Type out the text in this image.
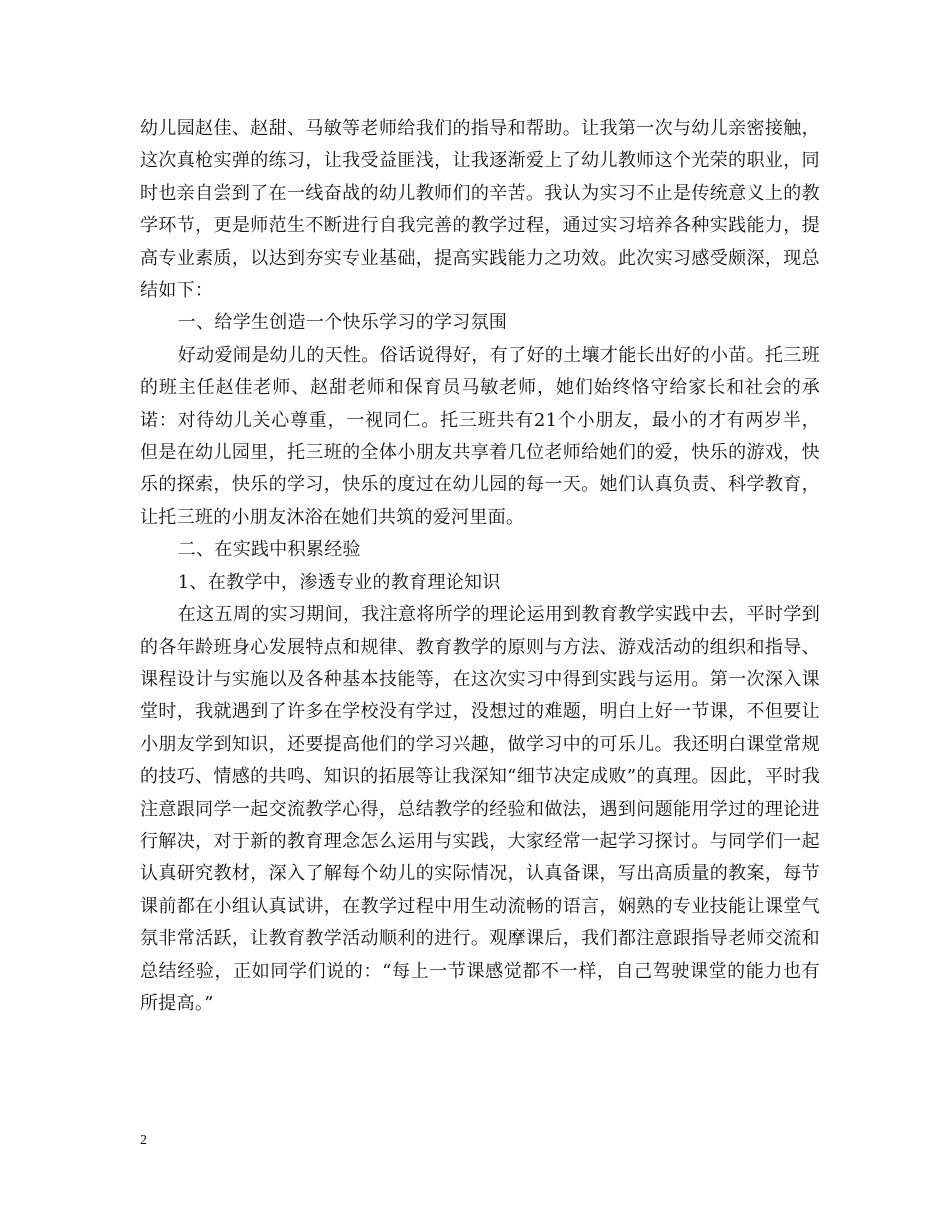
幼儿园赵佳、赵甜、马敏等老师给我们的指导和帮助。让我第一次与幼儿亲密接触，这次真枪实弹的练习，让我受益匪浅，让我逐渐爱上了幼儿教师这个光荣的职业，同时也亲自尝到了在一线奋战的幼儿教师们的辛苦。我认为实习不止是传统意义上的教学环节，更是师范生不断进行自我完善的教学过程，通过实习培养各种实践能力，提高专业素质，以达到夯实专业基础，提高实践能力之功效。此次实习感受颇深，现总结如下：

一、给学生创造一个快乐学习的学习氛围

好动爱闹是幼儿的天性。俗话说得好，有了好的土壤才能长出好的小苗。托三班的班主任赵佳老师、赵甜老师和保育员马敏老师，她们始终恪守给家长和社会的承诺：对待幼儿关心尊重，一视同仁。托三班共有21个小朋友，最小的才有两岁半，但是在幼儿园里，托三班的全体小朋友共享着几位老师给她们的爱，快乐的游戏，快乐的探索，快乐的学习，快乐的度过在幼儿园的每一天。她们认真负责、科学教育，让托三班的小朋友沐浴在她们共筑的爱河里面。

二、在实践中积累经验

1、在教学中，渗透专业的教育理论知识

在这五周的实习期间，我注意将所学的理论运用到教育教学实践中去，平时学到的各年龄班身心发展特点和规律、教育教学的原则与方法、游戏活动的组织和指导、课程设计与实施以及各种基本技能等，在这次实习中得到实践与运用。第一次深入课堂时，我就遇到了许多在学校没有学过，没想过的难题，明白上好一节课，不但要让小朋友学到知识，还要提高他们的学习兴趣，做学习中的可乐儿。我还明白课堂常规的技巧、情感的共鸣、知识的拓展等让我深知“细节决定成败”的真理。因此，平时我注意跟同学一起交流教学心得，总结教学的经验和做法，遇到问题能用学过的理论进行解决，对于新的教育理念怎么运用与实践，大家经常一起学习探讨。与同学们一起认真研究教材，深入了解每个幼儿的实际情况，认真备课，写出高质量的教案，每节课前都在小组认真试讲，在教学过程中用生动流畅的语言，娴熟的专业技能让课堂气氛非常活跃，让教育教学活动顺利的进行。观摩课后，我们都注意跟指导老师交流和总结经验，正如同学们说的：“每上一节课感觉都不一样，自己驾驶课堂的能力也有所提高。”

2
